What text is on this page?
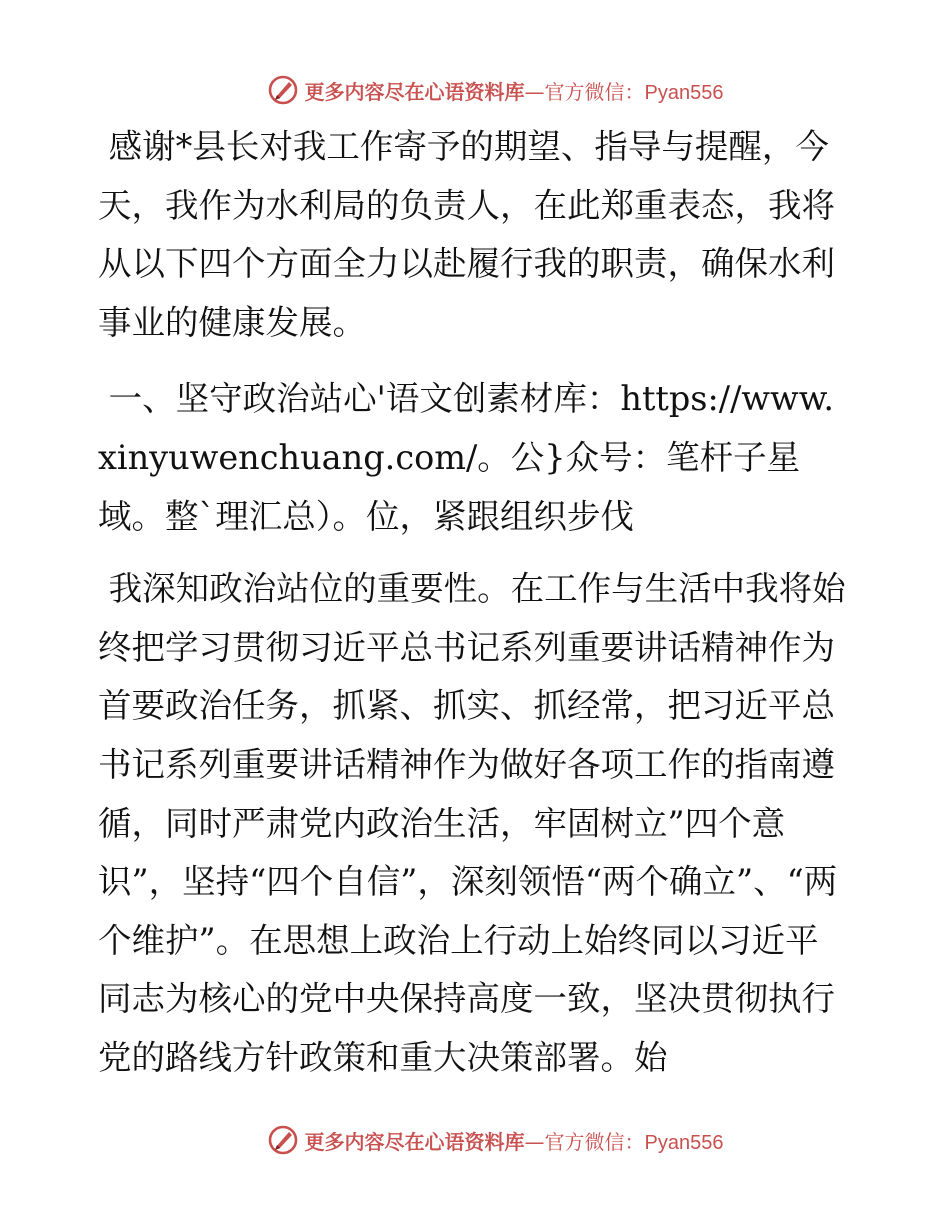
更多内容尽在心语资料库—官方微信：Pyan556

感谢*县长对我工作寄予的期望、指导与提醒，今天，我作为水利局的负责人，在此郑重表态，我将从以下四个方面全力以赴履行我的职责，确保水利事业的健康发展。

一、坚守政治站心'语文创素材库：https://www.xinyuwenchuang.com/。公}众号：笔杆子星域。整`理汇总）。位，紧跟组织步伐

我深知政治站位的重要性。在工作与生活中我将始终把学习贯彻习近平总书记系列重要讲话精神作为首要政治任务，抓紧、抓实、抓经常，把习近平总书记系列重要讲话精神作为做好各项工作的指南遵循，同时严肃党内政治生活，牢固树立”四个意识”，坚持“四个自信”，深刻领悟“两个确立”、“两个维护”。在思想上政治上行动上始终同以习近平同志为核心的党中央保持高度一致，坚决贯彻执行党的路线方针政策和重大决策部署。始

更多内容尽在心语资料库—官方微信：Pyan556
